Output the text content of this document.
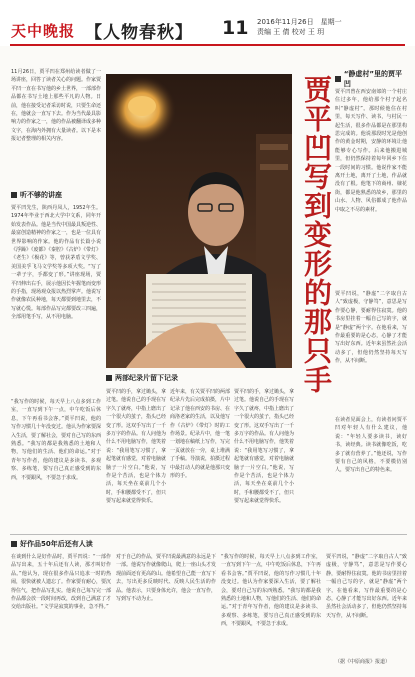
天中晚报 【人物春秋】 11 2016年11月26日　星期一
责编 王 倩 校对 王 玥
11月26日，贾平凹在郑州给读者做了一场讲座，回答了读者关心的问题。作家贾平凹一直在书写他的乡土世界，一部部作品都在书写土地上那些平凡的人物。日前，他在接受记者采访时说，只要生命还在，他就会一直写下去。作为当代最具影响力的作家之一，他的作品被翻译成多种文字，在海内外拥有大量读者。以下是本报记者整理的相关内容。
听不够的讲座
贾平凹先生，陕西丹凤人，1952年生。1974年毕业于西北大学中文系，同年开始发表作品。他是当代中国最具叛逆性、最富创造精神的作家之一，也是一位具有世界影响的作家。他的作品有长篇小说《浮躁》《废都》《秦腔》《古炉》《带灯》《老生》《极花》等，曾获茅盾文学奖、美国美孚飞马文学奖等多项大奖。“写了一辈子字，手都变了形。”讲座现场，贾平凹伸出右手，展示他因长年握笔而变形的手指，现场观众报以热烈掌声。他说写作就像农民种地，每天都要到地里去，不写就心慌。每部作品写完都要改三四遍，全部用笔手写，从不用电脑。
“我写作的时候，每天早上八点多到工作室，一直写到下午一点，中午吃饭后休息，下午再看书会客。”贾平凹说，他的写作习惯几十年没变过。他认为作家要深入生活，要了解社会，要对自己写的东西熟悉。“我写的都是我熟悉的土地和人物，写他们的生活、他们的命运。”对于青年写作者，他的建议是多读书、多观察、多练笔，要写自己真正感受到的东西，不要跟风，不要急于求成。
贾平凹写到变形的那只手
两部纪录片留下记录
贾平凹的手，拿过锄头，拿过笔。他说自己的手现在写字久了就疼，中指上磨出了一个很大的茧子，指头已经变了形。这双手写出了一千多万字的作品。有人问他为什么不用电脑写作，他笑着说：“我用笔写习惯了，拿起笔就有感觉，对着电脑就脑子一片空白。”他说，写作是个苦活，也是个体力活，每天坐在桌前几个小时，手和腰都受不了，但只要写起来就觉得快乐。
近年来，有关贾平凹的两部纪录片先后完成拍摄，片中记录了他在西安的书房、在商洛老家的生活，以及他写作《古炉》《带灯》时的工作场景。纪录片中，他一笔一划地在稿纸上写作，写完一页就放在一旁，桌上堆满了手稿。导演说，拍摄过程中最打动人的就是他那只变形的手。
贾平凹的手，拿过锄头，拿过笔。他说自己的手现在写字久了就疼，中指上磨出了一个很大的茧子，指头已经变了形。这双手写出了一千多万字的作品。有人问他为什么不用电脑写作，他笑着说：“我用笔写习惯了，拿起笔就有感觉，对着电脑就脑子一片空白。”他说，写作是个苦活，也是个体力活，每天坐在桌前几个小时，手和腰都受不了，但只要写起来就觉得快乐。
“静虚村”里的贾平凹
贾平凹曾在西安南郊的一个村庄住过多年，他给那个村子起名叫“静虚村”。那时候他住在村里，每天写作、读书，与村民一起生活，很多作品都是在那里构思完成的。他说那段时光是他创作的黄金时期，安静的环境让他能够专心写作。后来他搬进城里，但仍然保持着每年回乡下住一段时间的习惯。他说作家不能离开土地，离开了土地，作品就没有了根。他笔下的商州、棣花街，都是他熟悉的故乡，那里的山水、人物、风俗都成了他作品中取之不尽的素材。
贾平凹说，“静虚”二字取自古人“致虚极，守静笃”，意思是写作要心静，要耐得住寂寞。他的书房里挂着一幅自己写的字，就是“静虚”两个字。在他看来，写作最重要的是心态，心静了才能写出好东西。近年来虽然社会活动多了，但他仍然坚持每天写作，从不间断。
在读者见面会上，有读者问贾平凹对年轻人有什么建议，他说：“年轻人要多读书，读好书，读经典。读书就像吃饭，吃多了就有营养了。”他还说，写作要有自己的风格，不要模仿别人，要写出自己的特色来。
好作品50年后还有人读
在谈到什么是好作品时，贾平凹说：“一部作品写出来，五十年后还有人读，那才叫好作品。”他认为，现在很多作品只追求一时的热闹，很快就被人遗忘了。作家要有耐心，要沉得住气，把作品写扎实。他说自己每写完一部作品都会放一段时间再改，改到自己满意了才交给出版社。“文学是寂寞的事业，急不得。”
对于自己的作品，贾平凹说最满意的永远是下一部。他说写作就像爬山，爬上一座山头才发现前面还有更高的山。他希望自己能一直写下去，写出更多反映时代、反映人民生活的作品。他表示，只要身体允许，他会一直写作，写到写不动为止。
“我写作的时候，每天早上八点多到工作室，一直写到下午一点，中午吃饭后休息，下午再看书会客。”贾平凹说，他的写作习惯几十年没变过。他认为作家要深入生活，要了解社会，要对自己写的东西熟悉。“我写的都是我熟悉的土地和人物，写他们的生活、他们的命运。”对于青年写作者，他的建议是多读书、多观察、多练笔，要写自己真正感受到的东西，不要跟风，不要急于求成。
贾平凹说，“静虚”二字取自古人“致虚极，守静笃”，意思是写作要心静，要耐得住寂寞。他的书房里挂着一幅自己写的字，就是“静虚”两个字。在他看来，写作最重要的是心态，心静了才能写出好东西。近年来虽然社会活动多了，但他仍然坚持每天写作，从不间断。
（据《中原商报》报道）
